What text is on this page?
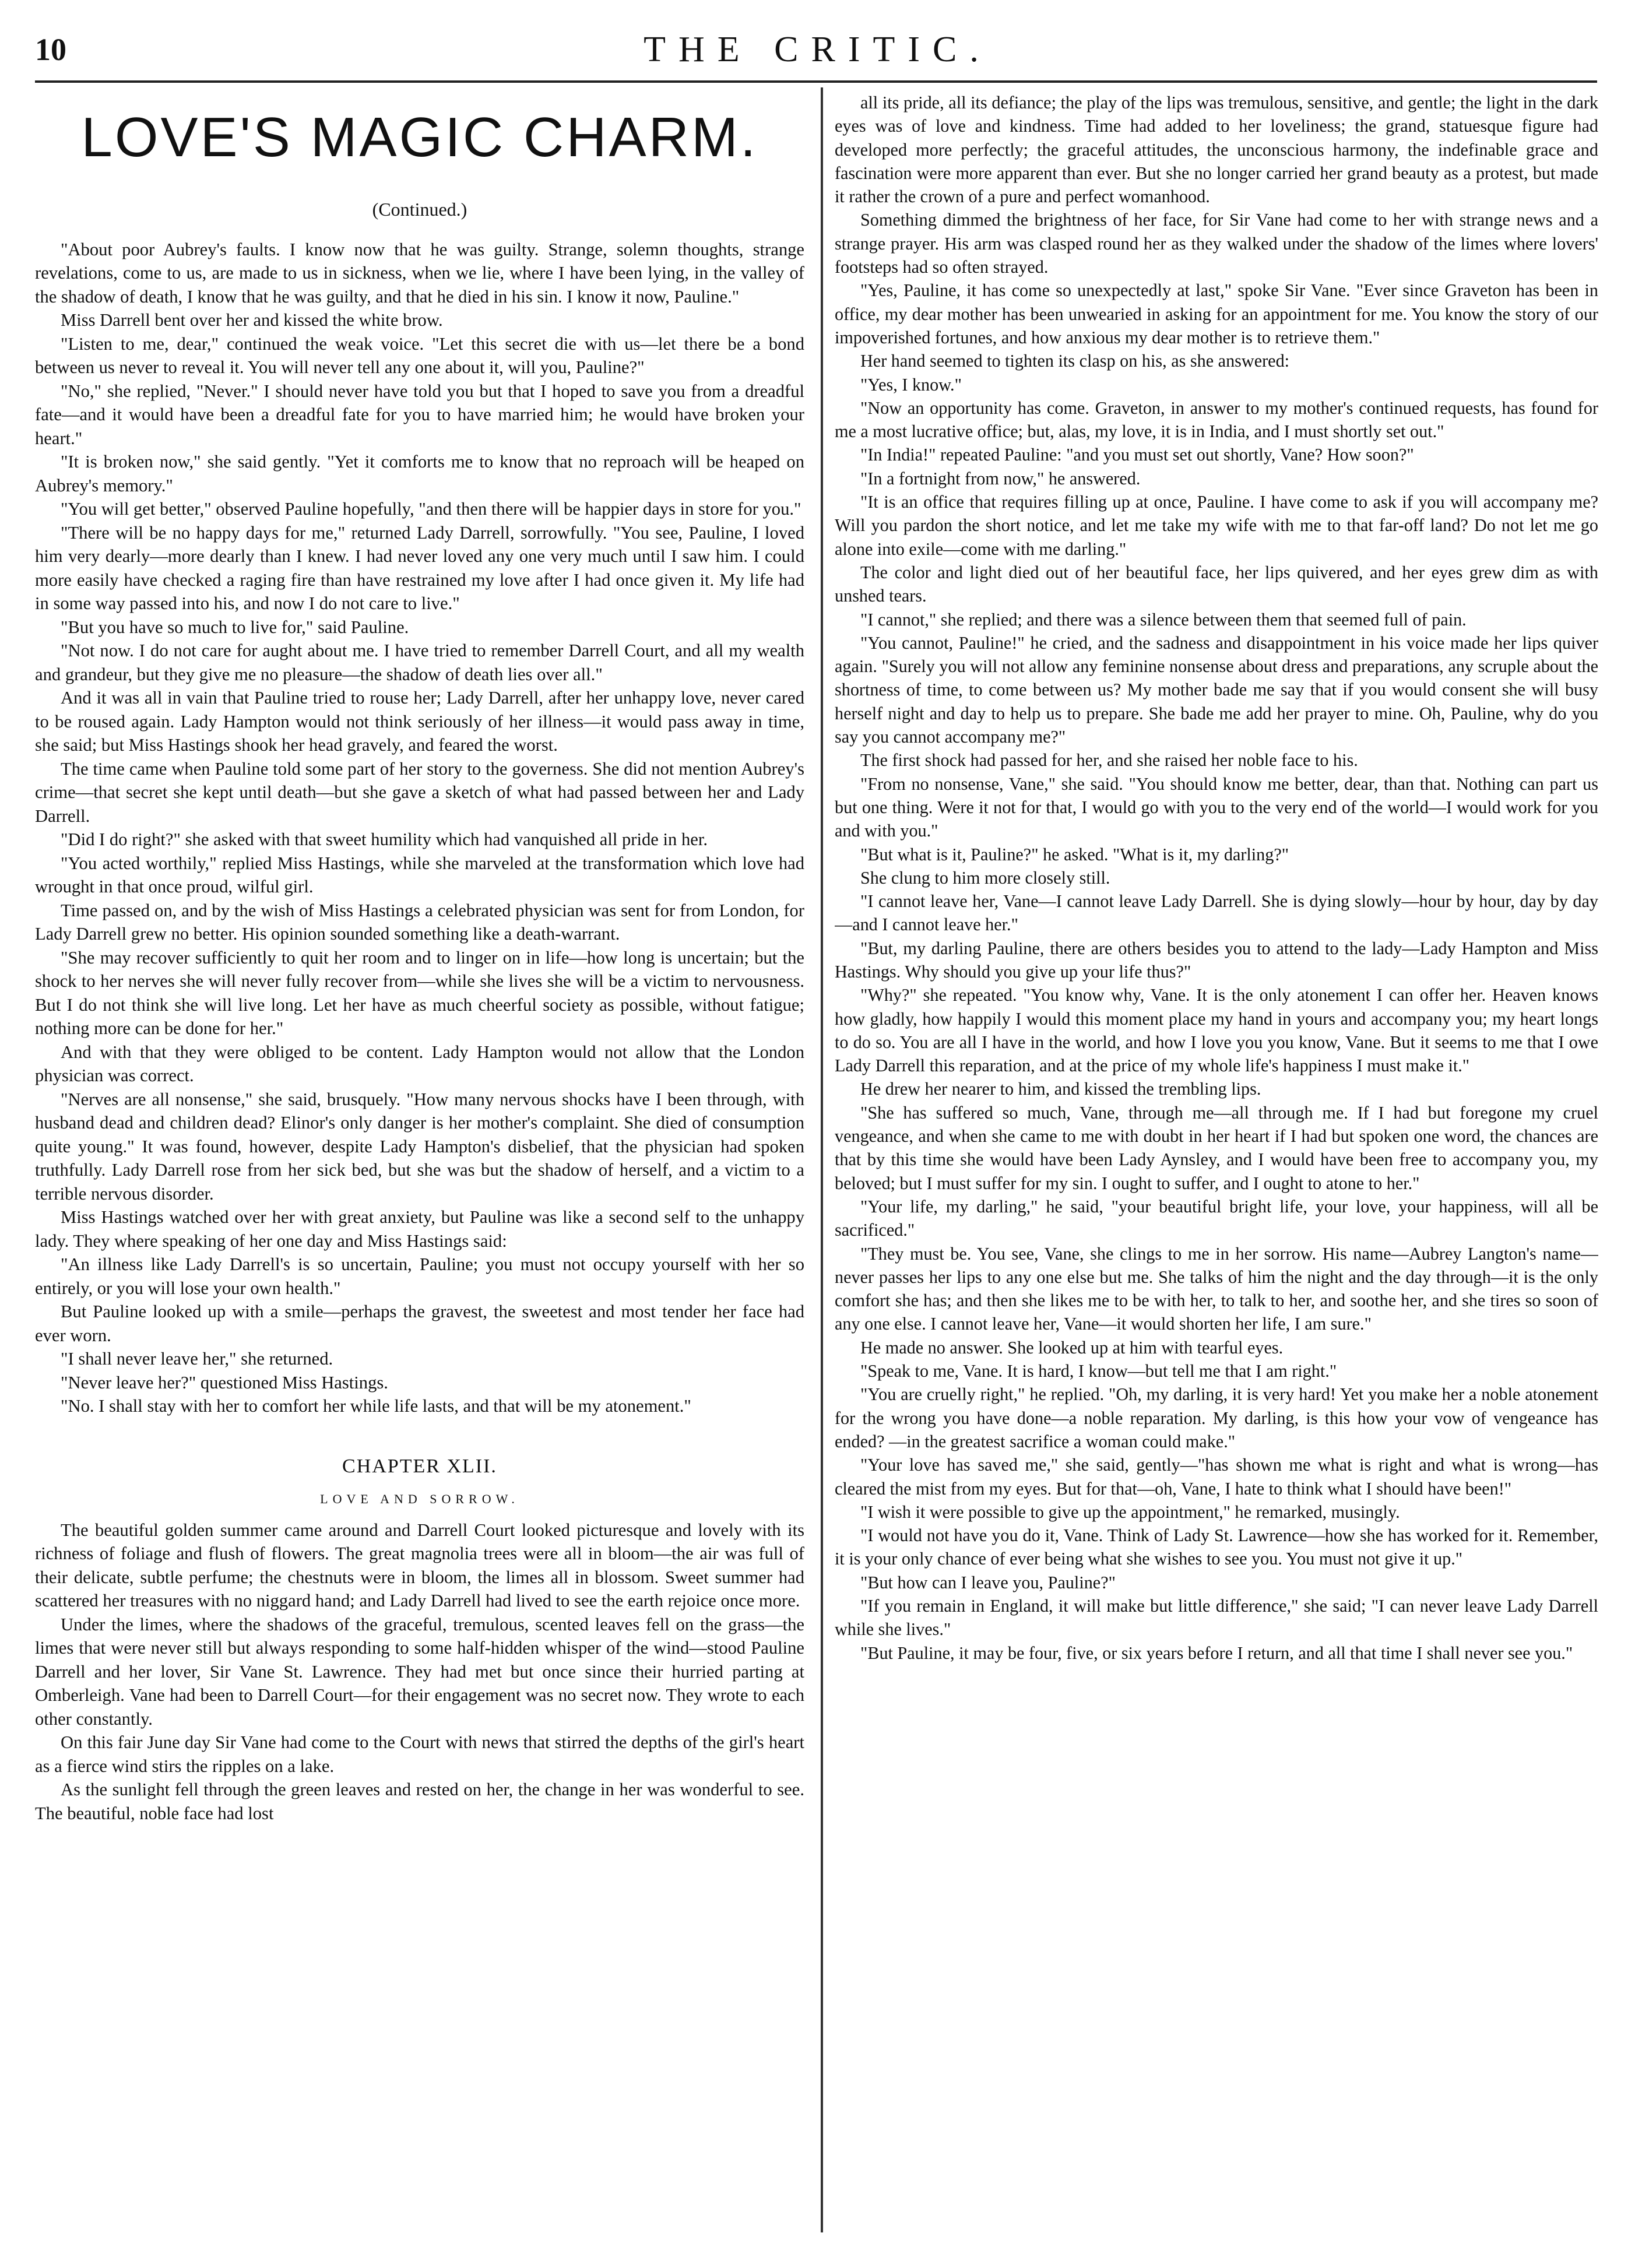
10	THE CRITIC.
LOVE'S MAGIC CHARM.
(Continued.)

"About poor Aubrey's faults. I know now that he was guilty. Strange, solemn thoughts, strange revelations, come to us, are made to us in sickness, when we lie, where I have been lying, in the valley of the shadow of death, I know that he was guilty, and that he died in his sin. I know it now, Pauline."

Miss Darrell bent over her and kissed the white brow.

"Listen to me, dear," continued the weak voice. "Let this secret die with us—let there be a bond between us never to reveal it. You will never tell any one about it, will you, Pauline?"

"No," she replied, "Never." I should never have told you but that I hoped to save you from a dreadful fate—and it would have been a dreadful fate for you to have married him; he would have broken your heart."

"It is broken now," she said gently. "Yet it comforts me to know that no reproach will be heaped on Aubrey's memory."

"You will get better," observed Pauline hopefully, "and then there will be happier days in store for you."

"There will be no happy days for me," returned Lady Darrell, sorrowfully. "You see, Pauline, I loved him very dearly—more dearly than I knew. I had never loved any one very much until I saw him. I could more easily have checked a raging fire than have restrained my love after I had once given it. My life had in some way passed into his, and now I do not care to live."

"But you have so much to live for," said Pauline.

"Not now. I do not care for aught about me. I have tried to remember Darrell Court, and all my wealth and grandeur, but they give me no pleasure—the shadow of death lies over all."

And it was all in vain that Pauline tried to rouse her; Lady Darrell, after her unhappy love, never cared to be roused again. Lady Hampton would not think seriously of her illness—it would pass away in time, she said; but Miss Hastings shook her head gravely, and feared the worst.

The time came when Pauline told some part of her story to the governess. She did not mention Aubrey's crime—that secret she kept until death—but she gave a sketch of what had passed between her and Lady Darrell.

"Did I do right?" she asked with that sweet humility which had vanquished all pride in her.

"You acted worthily," replied Miss Hastings, while she marveled at the transformation which love had wrought in that once proud, wilful girl.

Time passed on, and by the wish of Miss Hastings a celebrated physician was sent for from London, for Lady Darrell grew no better. His opinion sounded something like a death-warrant.

"She may recover sufficiently to quit her room and to linger on in life—how long is uncertain; but the shock to her nerves she will never fully recover from—while she lives she will be a victim to nervousness. But I do not think she will live long. Let her have as much cheerful society as possible, without fatigue; nothing more can be done for her."

And with that they were obliged to be content. Lady Hampton would not allow that the London physician was correct.

"Nerves are all nonsense," she said, brusquely. "How many nervous shocks have I been through, with husband dead and children dead? Elinor's only danger is her mother's complaint. She died of consumption quite young." It was found, however, despite Lady Hampton's disbelief, that the physician had spoken truthfully. Lady Darrell rose from her sick bed, but she was but the shadow of herself, and a victim to a terrible nervous disorder.

Miss Hastings watched over her with great anxiety, but Pauline was like a second self to the unhappy lady. They where speaking of her one day and Miss Hastings said:

"An illness like Lady Darrell's is so uncertain, Pauline; you must not occupy yourself with her so entirely, or you will lose your own health."

But Pauline looked up with a smile—perhaps the gravest, the sweetest and most tender her face had ever worn.

"I shall never leave her," she returned.

"Never leave her?" questioned Miss Hastings.

"No. I shall stay with her to comfort her while life lasts, and that will be my atonement."

CHAPTER XLII.
LOVE AND SORROW.

The beautiful golden summer came around and Darrell Court looked picturesque and lovely with its richness of foliage and flush of flowers. The great magnolia trees were all in bloom—the air was full of their delicate, subtle perfume; the chestnuts were in bloom, the limes all in blossom. Sweet summer had scattered her treasures with no niggard hand; and Lady Darrell had lived to see the earth rejoice once more.

Under the limes, where the shadows of the graceful, tremulous, scented leaves fell on the grass—the limes that were never still but always responding to some half-hidden whisper of the wind—stood Pauline Darrell and her lover, Sir Vane St. Lawrence. They had met but once since their hurried parting at Omberleigh. Vane had been to Darrell Court—for their engagement was no secret now. They wrote to each other constantly.

On this fair June day Sir Vane had come to the Court with news that stirred the depths of the girl's heart as a fierce wind stirs the ripples on a lake.

As the sunlight fell through the green leaves and rested on her, the change in her was wonderful to see. The beautiful, noble face had lost

all its pride, all its defiance; the play of the lips was tremulous, sensitive, and gentle; the light in the dark eyes was of love and kindness. Time had added to her loveliness; the grand, statuesque figure had developed more perfectly; the graceful attitudes, the unconscious harmony, the indefinable grace and fascination were more apparent than ever. But she no longer carried her grand beauty as a protest, but made it rather the crown of a pure and perfect womanhood.

Something dimmed the brightness of her face, for Sir Vane had come to her with strange news and a strange prayer. His arm was clasped round her as they walked under the shadow of the limes where lovers' footsteps had so often strayed.

"Yes, Pauline, it has come so unexpectedly at last," spoke Sir Vane. "Ever since Graveton has been in office, my dear mother has been unwearied in asking for an appointment for me. You know the story of our impoverished fortunes, and how anxious my dear mother is to retrieve them."

Her hand seemed to tighten its clasp on his, as she answered:

"Yes, I know."

"Now an opportunity has come. Graveton, in answer to my mother's continued requests, has found for me a most lucrative office; but, alas, my love, it is in India, and I must shortly set out."

"In India!" repeated Pauline: "and you must set out shortly, Vane? How soon?"

"In a fortnight from now," he answered.

"It is an office that requires filling up at once, Pauline. I have come to ask if you will accompany me? Will you pardon the short notice, and let me take my wife with me to that far-off land? Do not let me go alone into exile—come with me darling."

The color and light died out of her beautiful face, her lips quivered, and her eyes grew dim as with unshed tears.

"I cannot," she replied; and there was a silence between them that seemed full of pain.

"You cannot, Pauline!" he cried, and the sadness and disappointment in his voice made her lips quiver again. "Surely you will not allow any feminine nonsense about dress and preparations, any scruple about the shortness of time, to come between us? My mother bade me say that if you would consent she will busy herself night and day to help us to prepare. She bade me add her prayer to mine. Oh, Pauline, why do you say you cannot accompany me?"

The first shock had passed for her, and she raised her noble face to his.

"From no nonsense, Vane," she said. "You should know me better, dear, than that. Nothing can part us but one thing. Were it not for that, I would go with you to the very end of the world—I would work for you and with you."

"But what is it, Pauline?" he asked. "What is it, my darling?"

She clung to him more closely still.

"I cannot leave her, Vane—I cannot leave Lady Darrell. She is dying slowly—hour by hour, day by day—and I cannot leave her."

"But, my darling Pauline, there are others besides you to attend to the lady—Lady Hampton and Miss Hastings. Why should you give up your life thus?"

"Why?" she repeated. "You know why, Vane. It is the only atonement I can offer her. Heaven knows how gladly, how happily I would this moment place my hand in yours and accompany you; my heart longs to do so. You are all I have in the world, and how I love you you know, Vane. But it seems to me that I owe Lady Darrell this reparation, and at the price of my whole life's happiness I must make it."

He drew her nearer to him, and kissed the trembling lips.

"She has suffered so much, Vane, through me—all through me. If I had but foregone my cruel vengeance, and when she came to me with doubt in her heart if I had but spoken one word, the chances are that by this time she would have been Lady Aynsley, and I would have been free to accompany you, my beloved; but I must suffer for my sin. I ought to suffer, and I ought to atone to her."

"Your life, my darling," he said, "your beautiful bright life, your love, your happiness, will all be sacrificed."

"They must be. You see, Vane, she clings to me in her sorrow. His name—Aubrey Langton's name—never passes her lips to any one else but me. She talks of him the night and the day through—it is the only comfort she has; and then she likes me to be with her, to talk to her, and soothe her, and she tires so soon of any one else. I cannot leave her, Vane—it would shorten her life, I am sure."

He made no answer. She looked up at him with tearful eyes.

"Speak to me, Vane. It is hard, I know—but tell me that I am right."

"You are cruelly right," he replied. "Oh, my darling, it is very hard! Yet you make her a noble atonement for the wrong you have done—a noble reparation. My darling, is this how your vow of vengeance has ended? —in the greatest sacrifice a woman could make."

"Your love has saved me," she said, gently—"has shown me what is right and what is wrong—has cleared the mist from my eyes. But for that—oh, Vane, I hate to think what I should have been!"

"I wish it were possible to give up the appointment," he remarked, musingly.

"I would not have you do it, Vane. Think of Lady St. Lawrence—how she has worked for it. Remember, it is your only chance of ever being what she wishes to see you. You must not give it up."

"But how can I leave you, Pauline?"

"If you remain in England, it will make but little difference," she said; "I can never leave Lady Darrell while she lives."

"But Pauline, it may be four, five, or six years before I return, and all that time I shall never see you."
